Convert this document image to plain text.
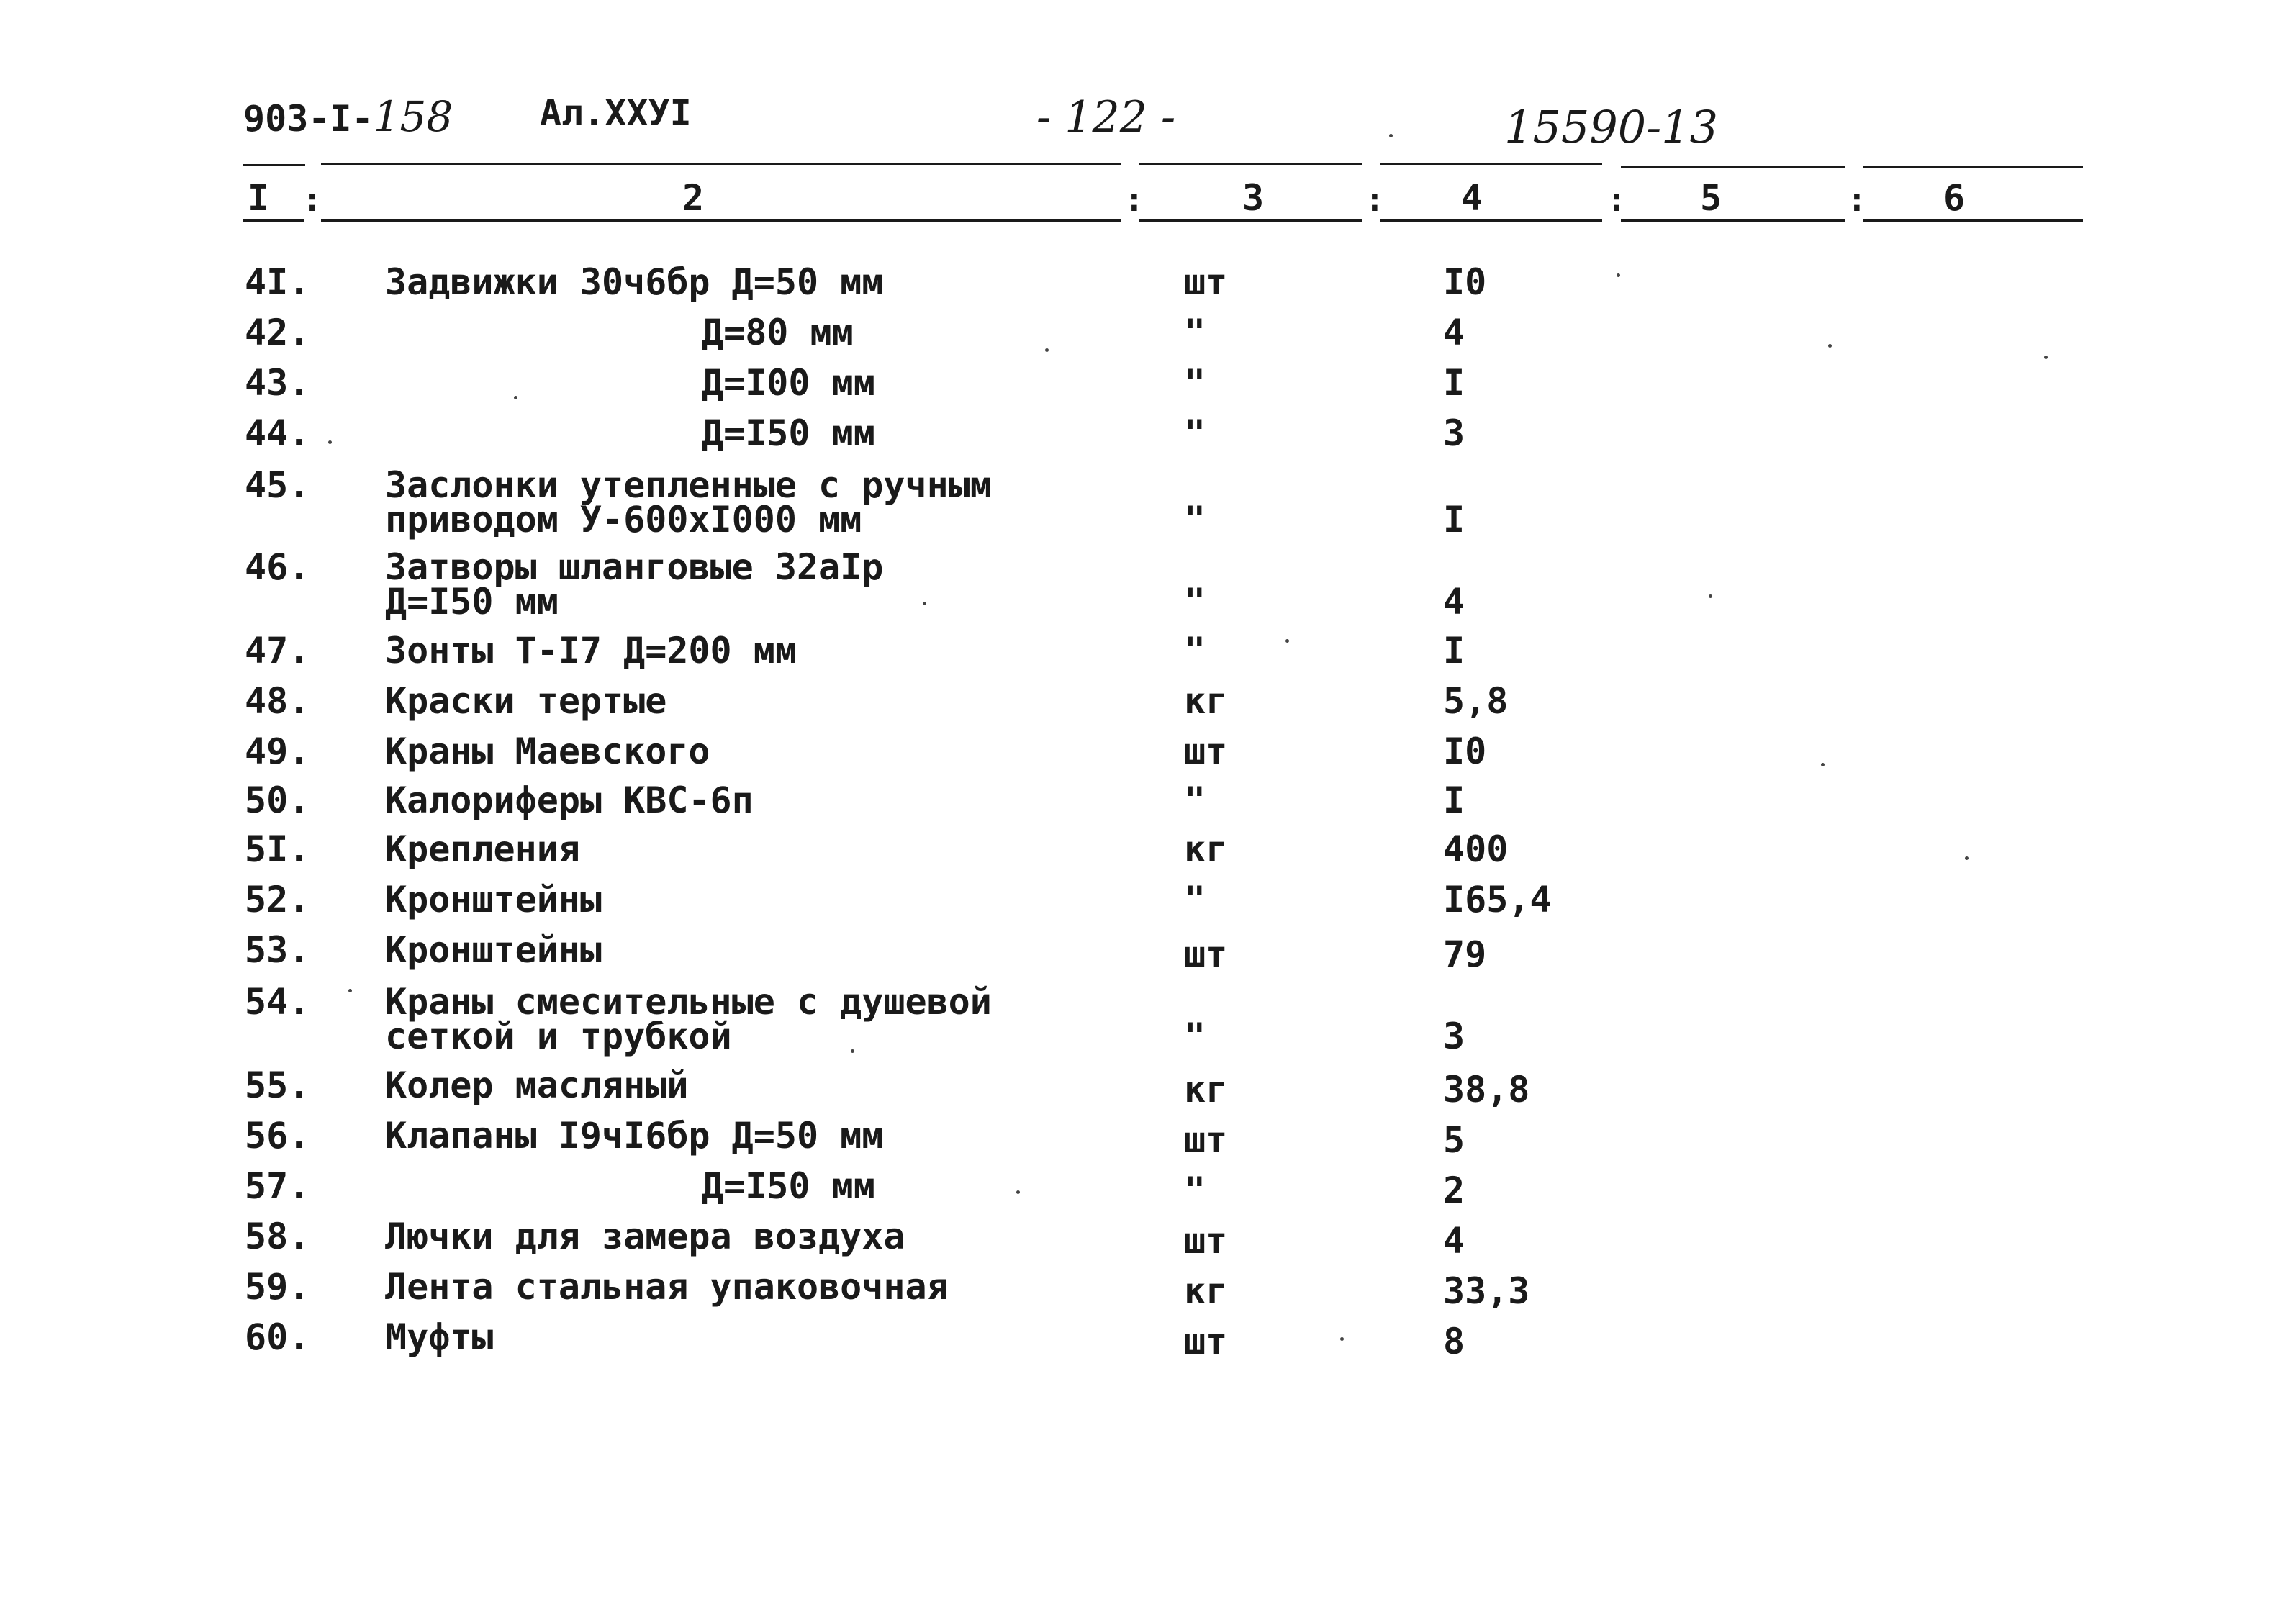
903-I-158 Ал.XXУI	- 122 -	15590-13
I :	2	:	3	: 4	: 5	: 6
4I. Задвижки 30ч6бр Д=50 мм	шт	I0
42.	Д=80 мм	"	4
43.	Д=I00 мм	"	I
44.	Д=I50 мм	"	3
45. Заслонки утепленные с ручным
приводом У-600хI000 мм	"	I
46. Затворы шланговые 32аIр
Д=I50 мм	"	4
47. Зонты Т-I7 Д=200 мм	"	I
48. Краски тертые	кг	5,8
49. Краны Маевского	шт	I0
50. Калориферы КВС-6п	"	I
5I. Крепления	кг	400
52. Кронштейны	"	I65,4
53. Кронштейны	шт	79
54. Краны смесительные с душевой
сеткой и трубкой	"	3
55. Колер масляный	кг	38,8
56. Клапаны I9чI6бр Д=50 мм	шт	5
57.	Д=I50 мм	"	2
58. Лючки для замера воздуха	шт	4
59. Лента стальная упаковочная	кг	33,3
60. Муфты	шт	8
